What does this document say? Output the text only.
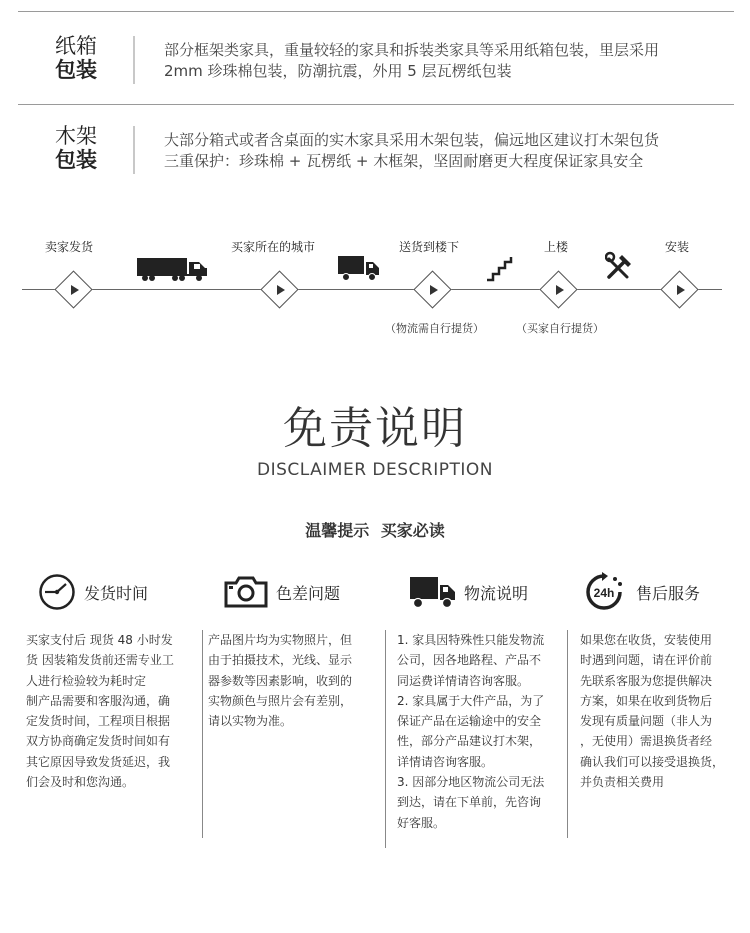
纸箱
包装
部分框架类家具，重量较轻的家具和拆装类家具等采用纸箱包装，里层采用
2mm 珍珠棉包装，防潮抗震，外用 5 层瓦楞纸包装
木架
包装
大部分箱式或者含桌面的实木家具采用木架包装，偏远地区建议打木架包货
三重保护：珍珠棉 + 瓦楞纸 + 木框架，坚固耐磨更大程度保证家具安全
卖家发货	买家所在的城市	送货到楼下	上楼	安装
（物流需自行提货）	（买家自行提货）
免责说明
DISCLAIMER DESCRIPTION
温馨提示 买家必读
发货时间	色差问题	物流说明	24h 售后服务
买家支付后 现货 48 小时发
货 因装箱发货前还需专业工
人进行检验较为耗时定
制产品需要和客服沟通，确
定发货时间，工程项目根据
双方协商确定发货时间如有
其它原因导致发货延迟，我
们会及时和您沟通。
产品图片均为实物照片，但
由于拍摄技术，光线、显示
器参数等因素影响，收到的
实物颜色与照片会有差别，
请以实物为准。
1. 家具因特殊性只能发物流
公司，因各地路程、产品不
同运费详情请咨询客服。
2. 家具属于大件产品，为了
保证产品在运输途中的安全
性，部分产品建议打木架，
详情请咨询客服。
3. 因部分地区物流公司无法
到达，请在下单前，先咨询
好客服。
如果您在收货，安装使用
时遇到问题，请在评价前
先联系客服为您提供解决
方案，如果在收到货物后
发现有质量问题（非人为
，无使用）需退换货者经
确认我们可以接受退换货，
并负责相关费用
